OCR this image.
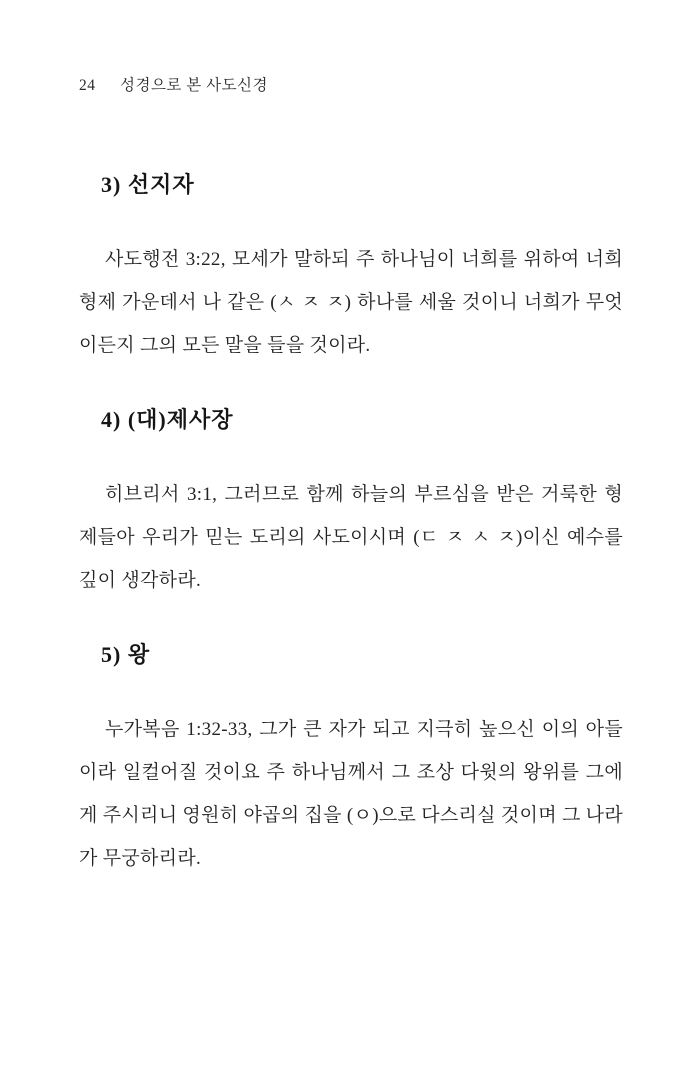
24	성경으로 본 사도신경
3) 선지자

사도행전 3:22, 모세가 말하되 주 하나님이 너희를 위하여 너희 형제 가운데서 나 같은 (ㅅ ㅈ ㅈ) 하나를 세울 것이니 너희가 무엇이든지 그의 모든 말을 들을 것이라.

4) (대)제사장

히브리서 3:1, 그러므로 함께 하늘의 부르심을 받은 거룩한 형제들아 우리가 믿는 도리의 사도이시며 (ㄷ ㅈ ㅅ ㅈ)이신 예수를 깊이 생각하라.

5) 왕

누가복음 1:32-33, 그가 큰 자가 되고 지극히 높으신 이의 아들이라 일컬어질 것이요 주 하나님께서 그 조상 다윗의 왕위를 그에게 주시리니 영원히 야곱의 집을 (ㅇ)으로 다스리실 것이며 그 나라가 무궁하리라.
